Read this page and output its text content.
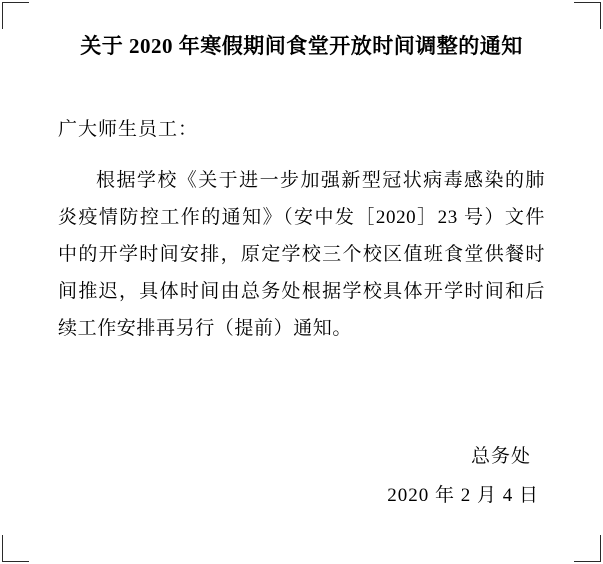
关于 2020 年寒假期间食堂开放时间调整的通知
广大师生员工：
根据学校《关于进一步加强新型冠状病毒感染的肺炎疫情防控工作的通知》（安中发［2020］23 号）文件中的开学时间安排，原定学校三个校区值班食堂供餐时间推迟，具体时间由总务处根据学校具体开学时间和后续工作安排再另行（提前）通知。
总务处
2020 年 2 月 4 日
